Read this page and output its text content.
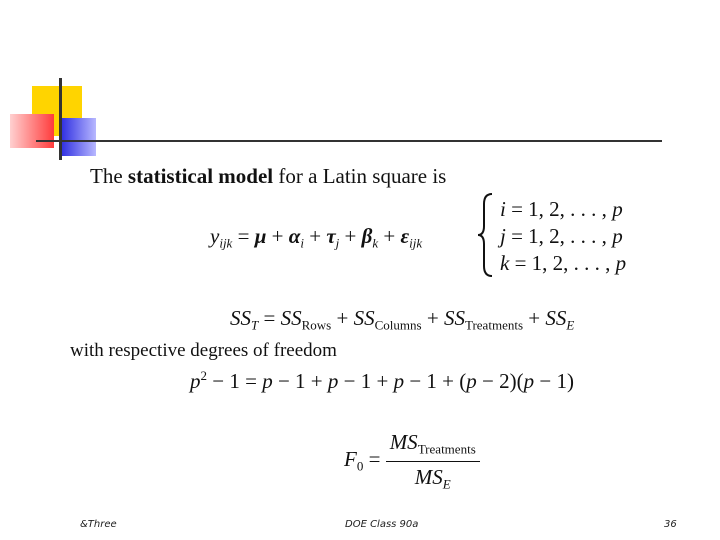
The statistical model for a Latin square is
$y_{ijk} = \mu + \alpha_i + \tau_j + \beta_k + \varepsilon_{ijk}$
i = 1, 2, . . . , p
j = 1, 2, . . . , p
k = 1, 2, . . . , p
$SS_T = SS_{Rows} + SS_{Columns} + SS_{Treatments} + SS_E$
with respective degrees of freedom
$p^2 - 1 = p - 1 + p - 1 + p - 1 + (p - 2)(p - 1)$
$F_0 = \frac{MS_{Treatments}}{MS_E}$
&Three	DOE Class 90a	36
